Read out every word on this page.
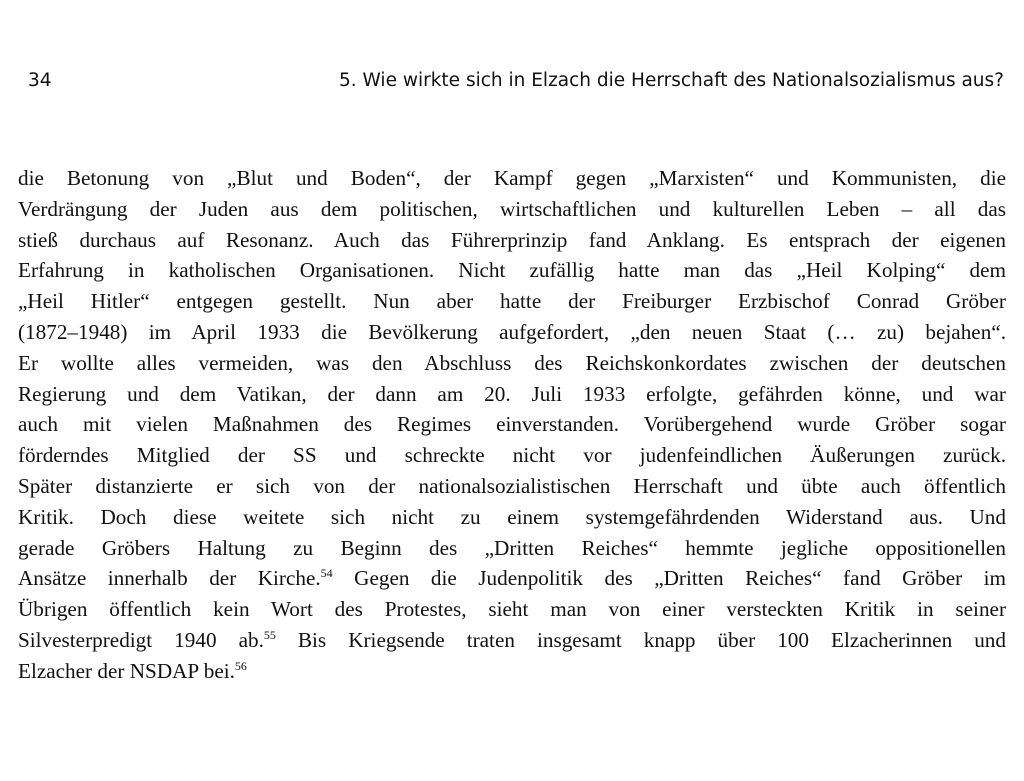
34	5. Wie wirkte sich in Elzach die Herrschaft des Nationalsozialismus aus?
die Betonung von „Blut und Boden“, der Kampf gegen „Marxisten“ und Kommunisten, die
Verdrängung der Juden aus dem politischen, wirtschaftlichen und kulturellen Leben – all das
stieß durchaus auf Resonanz. Auch das Führerprinzip fand Anklang. Es entsprach der eigenen
Erfahrung in katholischen Organisationen. Nicht zufällig hatte man das „Heil Kolping“ dem
„Heil Hitler“ entgegen gestellt. Nun aber hatte der Freiburger Erzbischof Conrad Gröber
(1872–1948) im April 1933 die Bevölkerung aufgefordert, „den neuen Staat (… zu) bejahen“.
Er wollte alles vermeiden, was den Abschluss des Reichskonkordates zwischen der deutschen
Regierung und dem Vatikan, der dann am 20. Juli 1933 erfolgte, gefährden könne, und war
auch mit vielen Maßnahmen des Regimes einverstanden. Vorübergehend wurde Gröber sogar
förderndes Mitglied der SS und schreckte nicht vor judenfeindlichen Äußerungen zurück.
Später distanzierte er sich von der nationalsozialistischen Herrschaft und übte auch öffentlich
Kritik. Doch diese weitete sich nicht zu einem systemgefährdenden Widerstand aus. Und
gerade Gröbers Haltung zu Beginn des „Dritten Reiches“ hemmte jegliche oppositionellen
Ansätze innerhalb der Kirche.$^{54}$ Gegen die Judenpolitik des „Dritten Reiches“ fand Gröber im
Übrigen öffentlich kein Wort des Protestes, sieht man von einer versteckten Kritik in seiner
Silvesterpredigt 1940 ab.$^{55}$ Bis Kriegsende traten insgesamt knapp über 100 Elzacherinnen und
Elzacher der NSDAP bei.$^{56}$
